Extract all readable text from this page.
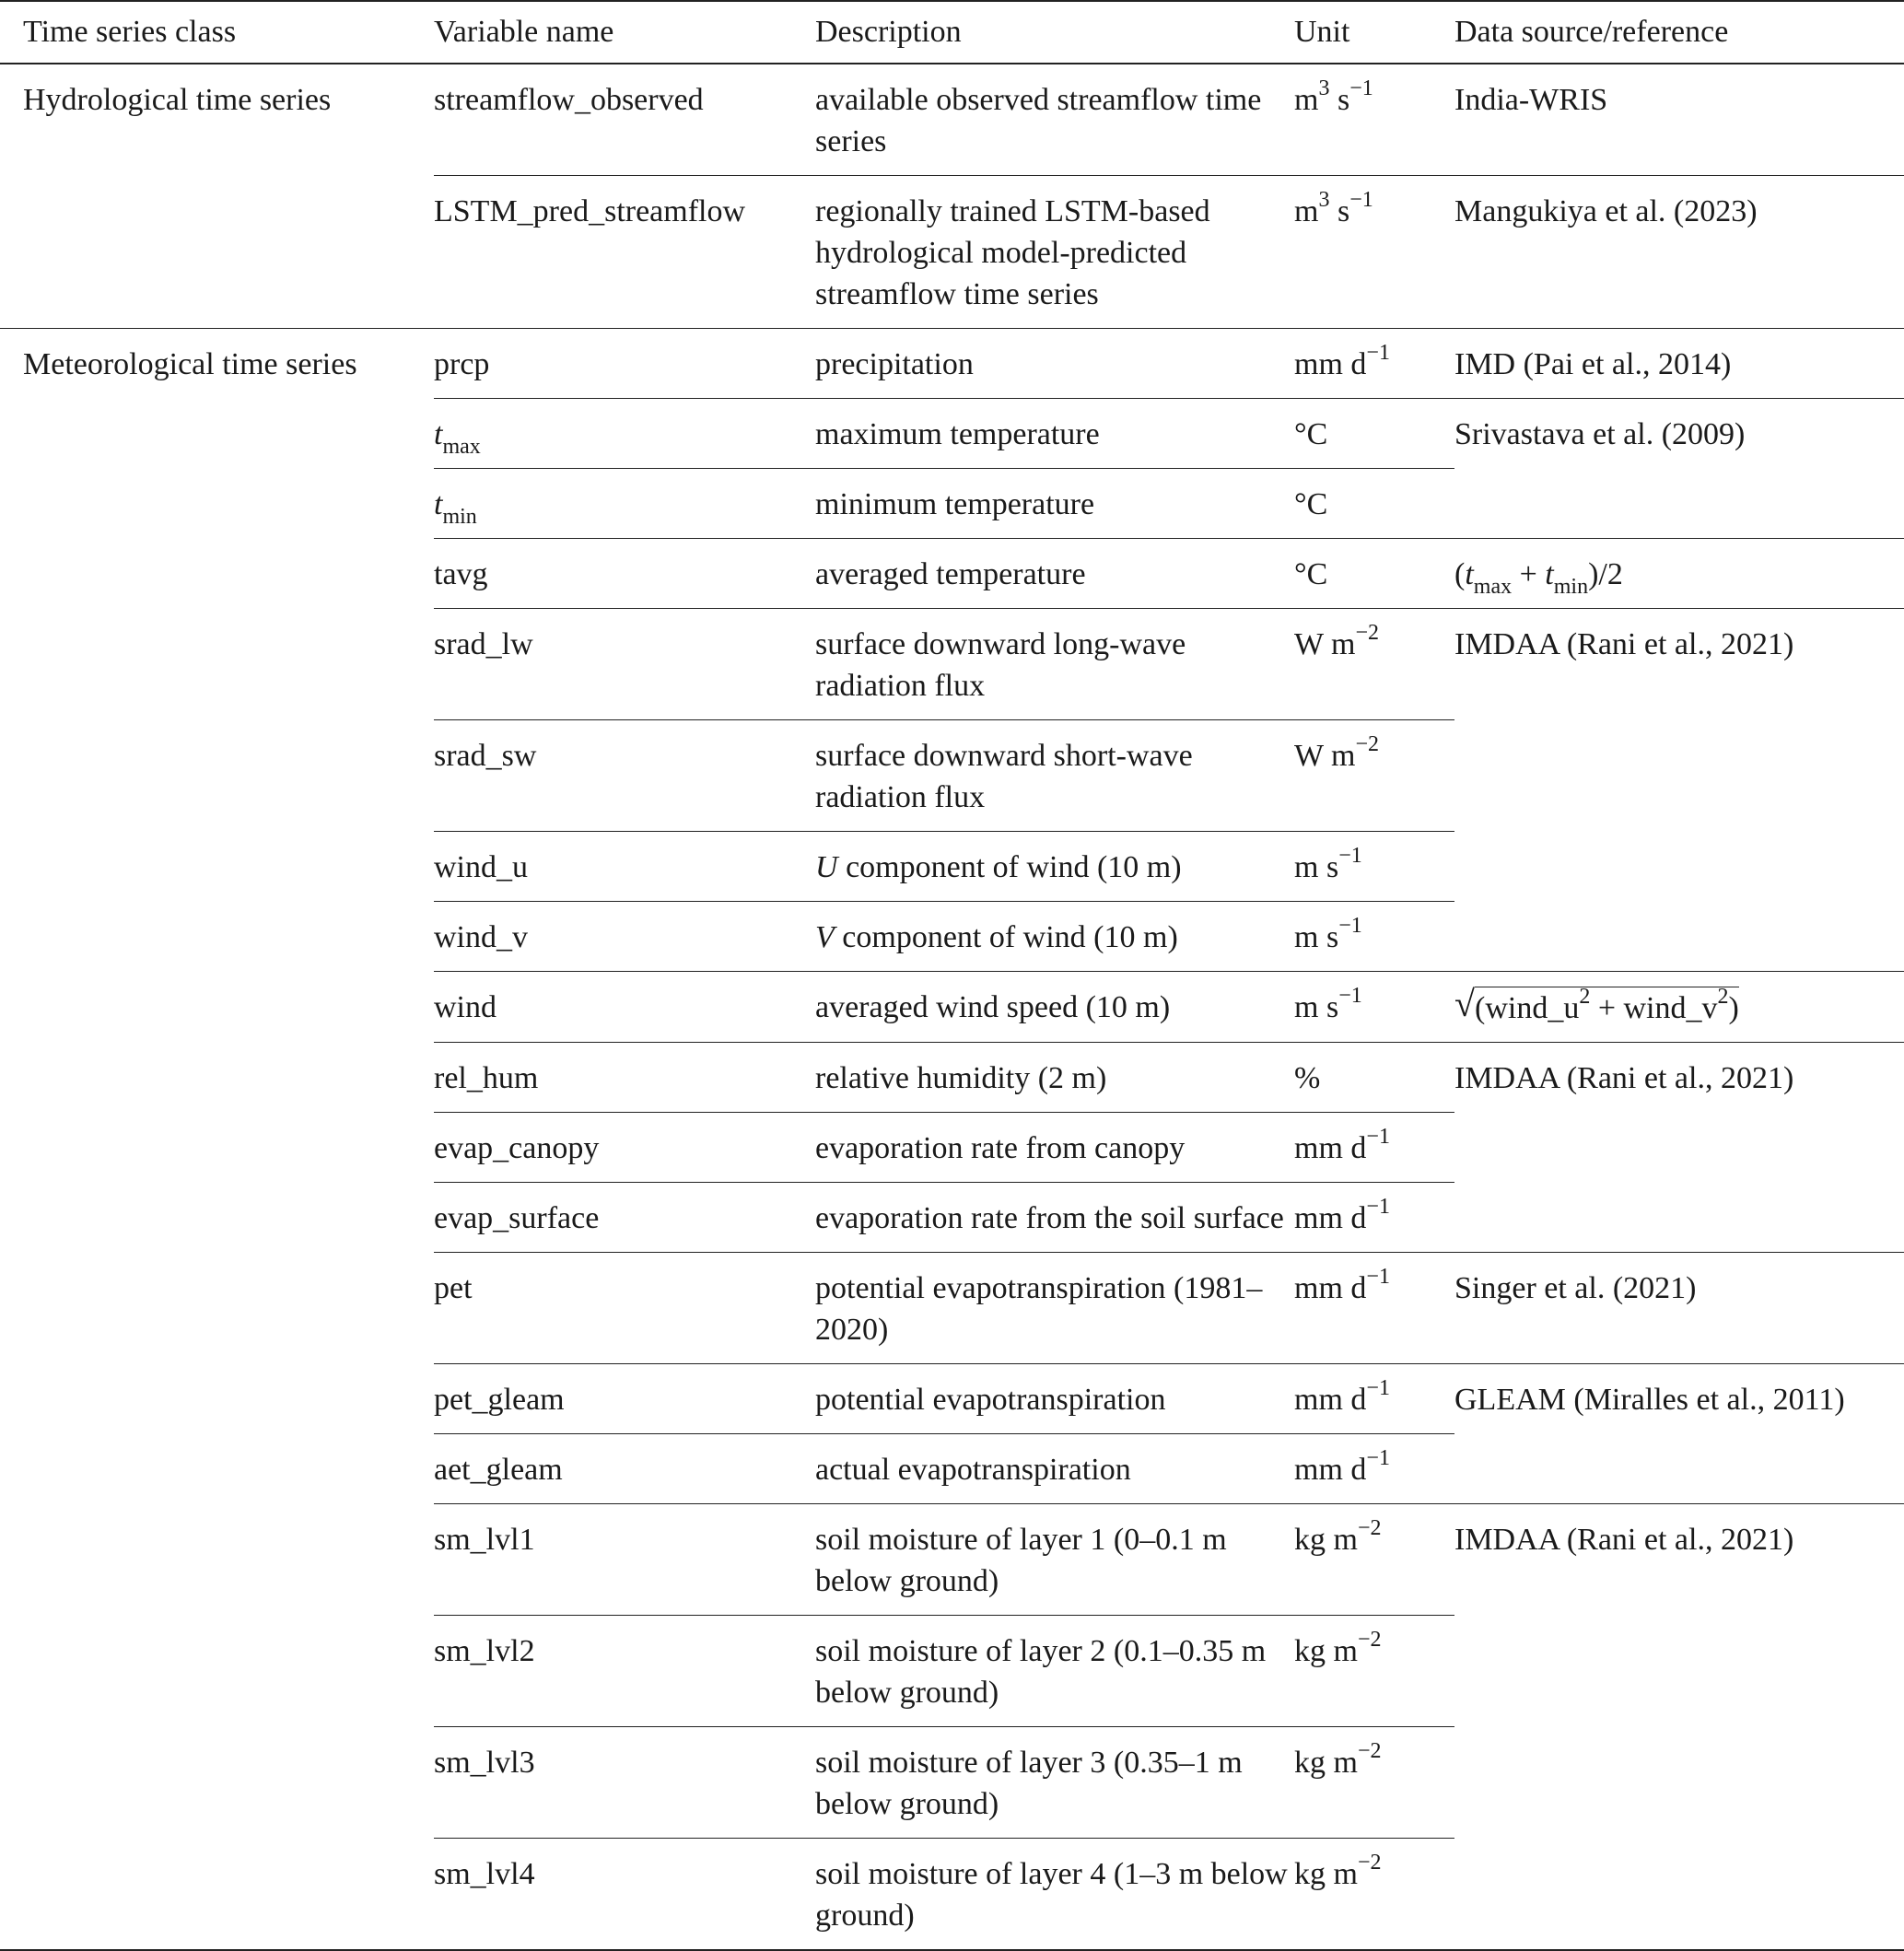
Time series class	Variable name	Description	Unit	Data source/reference
Hydrological time series	streamflow_observed	available observed streamflow time series	$m^3$ $s^{-1}$	India-WRIS
	LSTM_pred_streamflow	regionally trained LSTM-based hydrological model-predicted streamflow time series	$m^3$ $s^{-1}$	Mangukiya et al. (2023)
Meteorological time series	prcp	precipitation	mm $d^{-1}$	IMD (Pai et al., 2014)
	$t_{max}$	maximum temperature	°C	Srivastava et al. (2009)
	$t_{min}$	minimum temperature	°C	
	tavg	averaged temperature	°C	$(t_{max} + t_{min})/2$
	srad_lw	surface downward long-wave radiation flux	W $m^{-2}$	IMDAA (Rani et al., 2021)
	srad_sw	surface downward short-wave radiation flux	W $m^{-2}$
	wind_u	U component of wind (10 m)	m $s^{-1}$
	wind_v	V component of wind (10 m)	m $s^{-1}$
	wind	averaged wind speed (10 m)	m $s^{-1}$	√ ($wind\_u^2$ + $wind\_v^2$)
	rel_hum	relative humidity (2 m)	%	IMDAA (Rani et al., 2021)
	evap_canopy	evaporation rate from canopy	mm $d^{-1}$
	evap_surface	evaporation rate from the soil surface	mm $d^{-1}$
	pet	potential evapotranspiration (1981–2020)	mm $d^{-1}$	Singer et al. (2021)
	pet_gleam	potential evapotranspiration	mm $d^{-1}$	GLEAM (Miralles et al., 2011)
	aet_gleam	actual evapotranspiration	mm $d^{-1}$
	sm_lvl1	soil moisture of layer 1 (0–0.1 m below ground)	kg $m^{-2}$	IMDAA (Rani et al., 2021)
	sm_lvl2	soil moisture of layer 2 (0.1–0.35 m below ground)	kg $m^{-2}$
	sm_lvl3	soil moisture of layer 3 (0.35–1 m below ground)	kg $m^{-2}$
	sm_lvl4	soil moisture of layer 4 (1–3 m below ground)	kg $m^{-2}$
